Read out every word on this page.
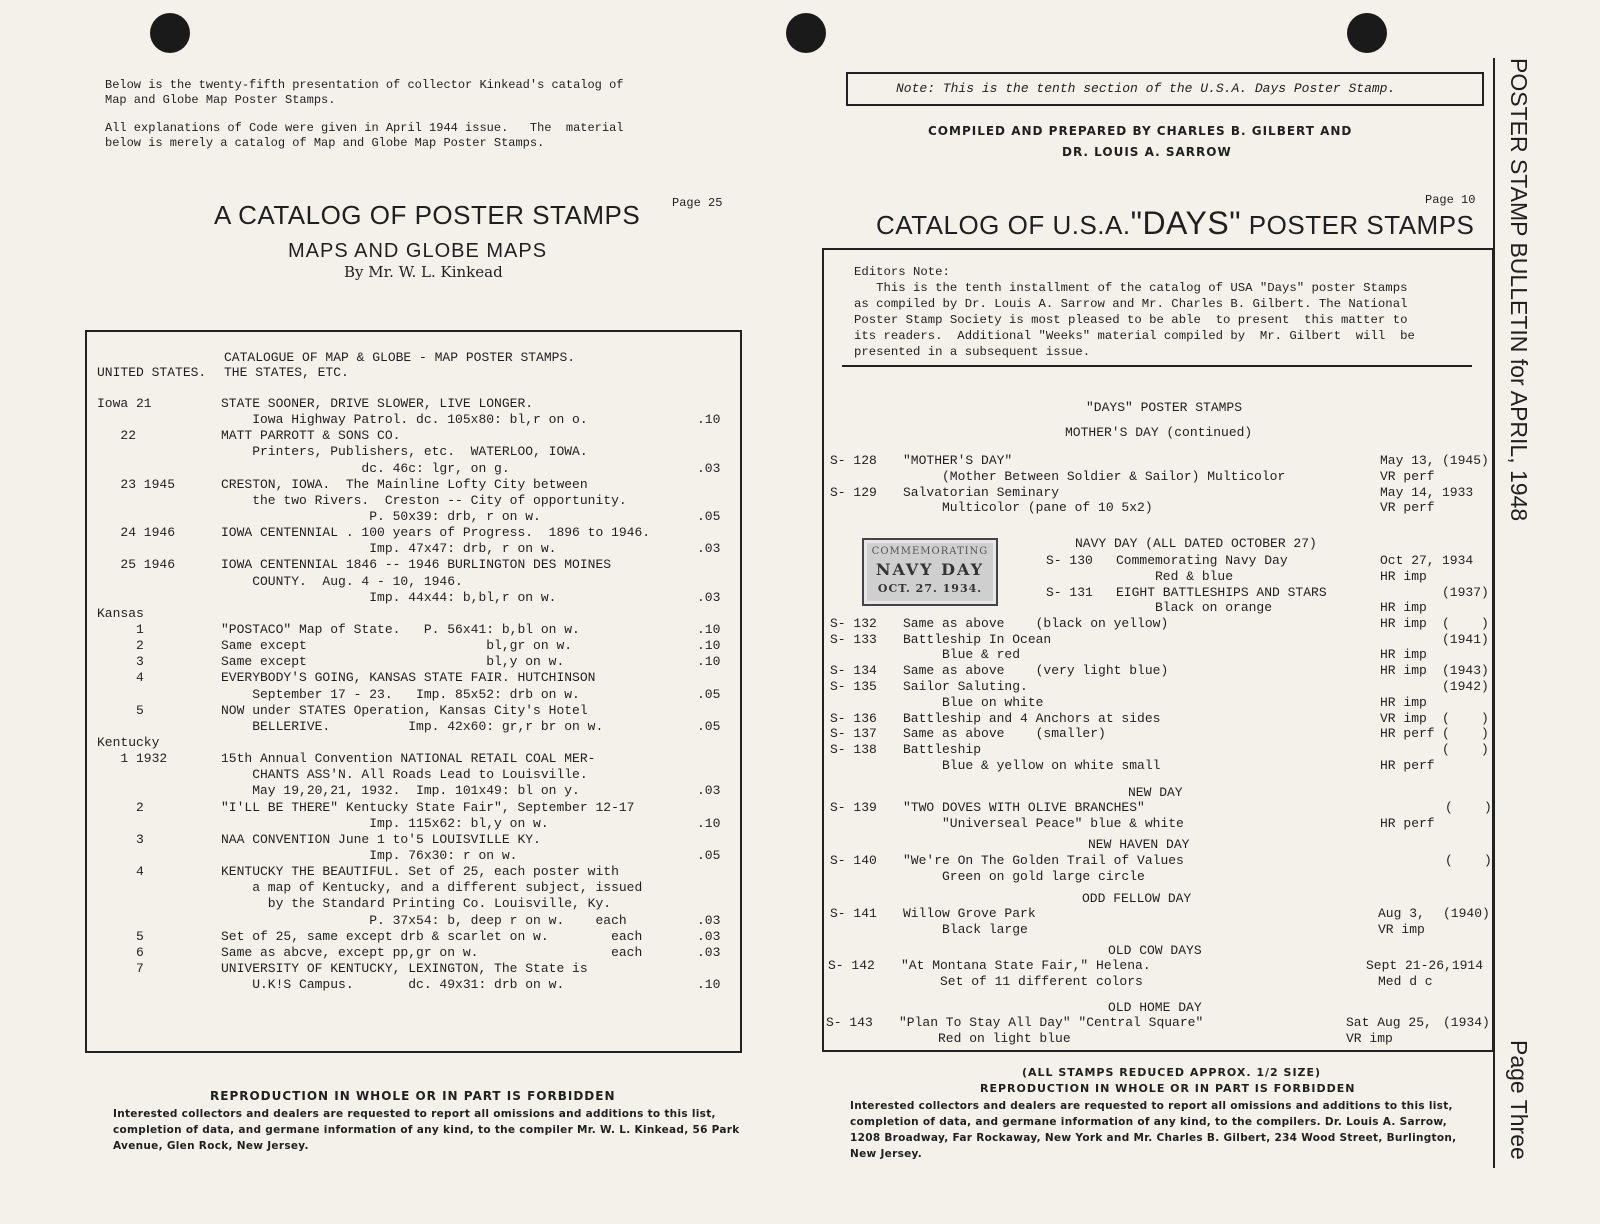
Below is the twenty-fifth presentation of collector Kinkead's catalog of
Map and Globe Map Poster Stamps.
All explanations of Code were given in April 1944 issue.   The  material
below is merely a catalog of Map and Globe Map Poster Stamps.
A CATALOG OF POSTER STAMPS	Page 25
MAPS AND GLOBE MAPS
By Mr. W. L. Kinkead
CATALOGUE OF MAP & GLOBE - MAP POSTER STAMPS.
UNITED STATES. THE STATES, ETC.
Iowa 21	STATE SOONER, DRIVE SLOWER, LIVE LONGER.
Iowa Highway Patrol. dc. 105x80: bl,r on o.	.10
22	MATT PARROTT & SONS CO.
Printers, Publishers, etc.  WATERLOO, IOWA.
dc. 46c: lgr, on g.	.03
23 1945	CRESTON, IOWA.  The Mainline Lofty City between
the two Rivers.  Creston -- City of opportunity.
P. 50x39: drb, r on w.	.05
24 1946	IOWA CENTENNIAL . 100 years of Progress.  1896 to 1946.
Imp. 47x47: drb, r on w.	.03
25 1946	IOWA CENTENNIAL 1846 -- 1946 BURLINGTON DES MOINES
COUNTY.  Aug. 4 - 10, 1946.
Imp. 44x44: b,bl,r on w.	.03
Kansas
1	"POSTACO" Map of State.   P. 56x41: b,bl on w.	.10
2	Same except                       bl,gr on w.	.10
3	Same except                       bl,y on w.	.10
4	EVERYBODY'S GOING, KANSAS STATE FAIR. HUTCHINSON
September 17 - 23.   Imp. 85x52: drb on w.	.05
5	NOW under STATES Operation, Kansas City's Hotel
BELLERIVE.          Imp. 42x60: gr,r br on w.	.05
Kentucky
1 1932	15th Annual Convention NATIONAL RETAIL COAL MER-
CHANTS ASS'N. All Roads Lead to Louisville.
May 19,20,21, 1932.  Imp. 101x49: bl on y.	.03
2	"I'LL BE THERE" Kentucky State Fair", September 12-17
Imp. 115x62: bl,y on w.	.10
3	NAA CONVENTION June 1 to'5 LOUISVILLE KY.
Imp. 76x30: r on w.	.05
4	KENTUCKY THE BEAUTIFUL. Set of 25, each poster with
a map of Kentucky, and a different subject, issued
by the Standard Printing Co. Louisville, Ky.
P. 37x54: b, deep r on w.    each	.03
5	Set of 25, same except drb & scarlet on w.        each	.03
6	Same as abcve, except pp,gr on w.                 each	.03
7	UNIVERSITY OF KENTUCKY, LEXINGTON, The State is
U.K!S Campus.       dc. 49x31: drb on w.	.10
REPRODUCTION IN WHOLE OR IN PART IS FORBIDDEN
Interested collectors and dealers are requested to report all omissions and additions to this list, completion of data, and germane information of any kind, to the compiler Mr. W. L. Kinkead, 56 Park Avenue, Glen Rock, New Jersey.
Note: This is the tenth section of the U.S.A. Days Poster Stamp.
COMPILED AND PREPARED BY CHARLES B. GILBERT AND
DR. LOUIS A. SARROW
Page 10
CATALOG OF U.S.A."DAYS" POSTER STAMPS
Editors Note:
This is the tenth installment of the catalog of USA "Days" poster Stamps
as compiled by Dr. Louis A. Sarrow and Mr. Charles B. Gilbert. The National
Poster Stamp Society is most pleased to be able  to present  this matter to
its readers.  Additional "Weeks" material compiled by  Mr. Gilbert  will  be
presented in a subsequent issue.
"DAYS" POSTER STAMPS
MOTHER'S DAY (continued)
S- 128 "MOTHER'S DAY"	May 13, (1945)
(Mother Between Soldier & Sailor) Multicolor	VR perf
S- 129 Salvatorian Seminary	May 14, 1933
Multicolor (pane of 10 5x2)	VR perf
COMMEMORATING
NAVY DAY
OCT. 27. 1934.
NAVY DAY (ALL DATED OCTOBER 27)
S- 130 Commemorating Navy Day	Oct 27, 1934
Red & blue	HR imp
S- 131 EIGHT BATTLESHIPS AND STARS	(1937)
Black on orange	HR imp
S- 132 Same as above    (black on yellow)	HR imp (    )
S- 133 Battleship In Ocean	(1941)
Blue & red	HR imp
S- 134 Same as above    (very light blue)	HR imp (1943)
S- 135 Sailor Saluting.	(1942)
Blue on white	HR imp
S- 136 Battleship and 4 Anchors at sides	VR imp (    )
S- 137 Same as above    (smaller)	HR perf (    )
S- 138 Battleship	(    )
Blue & yellow on white small	HR perf
NEW DAY
S- 139 "TWO DOVES WITH OLIVE BRANCHES"	(    )
"Universeal Peace" blue & white	HR perf
NEW HAVEN DAY
S- 140 "We're On The Golden Trail of Values	(    )
Green on gold large circle
ODD FELLOW DAY
S- 141 Willow Grove Park	Aug 3, (1940)
Black large	VR imp
OLD COW DAYS
S- 142 "At Montana State Fair," Helena.	Sept 21-26,1914
Set of 11 different colors	Med d c
OLD HOME DAY
S- 143 "Plan To Stay All Day" "Central Square"	Sat Aug 25, (1934)
Red on light blue	VR imp
(ALL STAMPS REDUCED APPROX. 1/2 SIZE)
REPRODUCTION IN WHOLE OR IN PART IS FORBIDDEN
Interested collectors and dealers are requested to report all omissions and additions to this list, completion of data, and germane information of any kind, to the compilers. Dr. Louis A. Sarrow, 1208 Broadway, Far Rockaway, New York and Mr. Charles B. Gilbert, 234 Wood Street, Burlington, New Jersey.
POSTER STAMP BULLETIN for APRIL, 1948
Page Three
